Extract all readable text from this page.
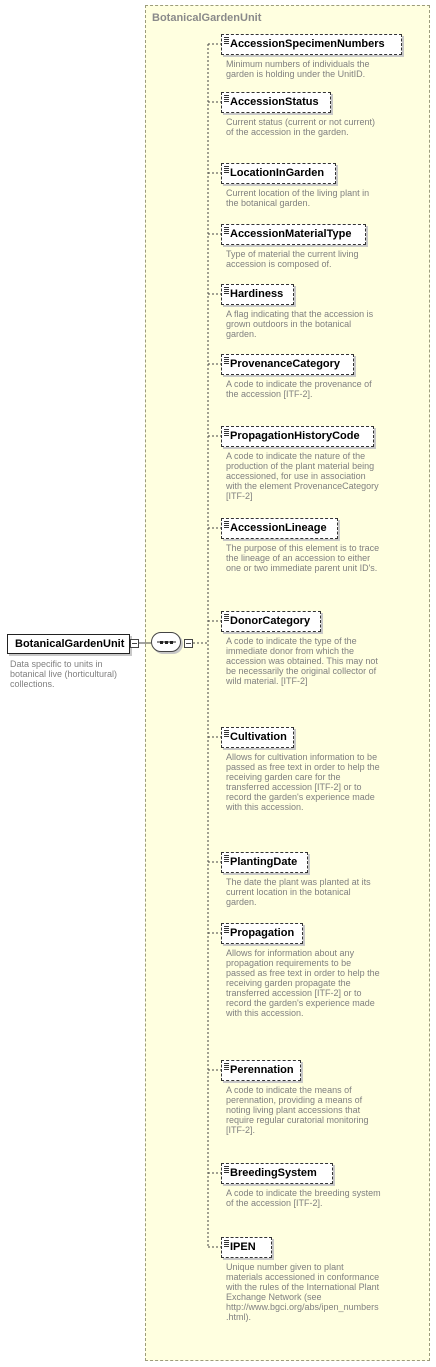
BotanicalGardenUnit
BotanicalGardenUnit
Data specific to units in botanical live (horticultural) collections.
AccessionSpecimenNumbers
Minimum numbers of individuals the garden is holding under the UnitID.
AccessionStatus
Current status (current or not current) of the accession in the garden.
LocationInGarden
Current location of the living plant in the botanical garden.
AccessionMaterialType
Type of material the current living accession is composed of.
Hardiness
A flag indicating that the accession is grown outdoors in the botanical garden.
ProvenanceCategory
A code to indicate the provenance of the accession [ITF-2].
PropagationHistoryCode
A code to indicate the nature of the production of the plant material being accessioned, for use in association with the element ProvenanceCategory [ITF-2]
AccessionLineage
The purpose of this element is to trace the lineage of an accession to either one or two immediate parent unit ID's.
DonorCategory
A code to indicate the type of the immediate donor from which the accession was obtained. This may not be necessarily the original collector of wild material. [ITF-2]
Cultivation
Allows for cultivation information to be passed as free text in order to help the receiving garden care for the transferred accession [ITF-2] or to record the garden's experience made with this accession.
PlantingDate
The date the plant was planted at its current location in the botanical garden.
Propagation
Allows for information about any propagation requirements to be passed as free text in order to help the receiving garden propagate the transferred accession [ITF-2] or to record the garden's experience made with this accession.
Perennation
A code to indicate the means of perennation, providing a means of noting living plant accessions that require regular curatorial monitoring [ITF-2].
BreedingSystem
A code to indicate the breeding system of the accession [ITF-2].
IPEN
Unique number given to plant materials accessioned in conformance with the rules of the International Plant Exchange Network (see http://www.bgci.org/abs/ipen_numbers.html).
